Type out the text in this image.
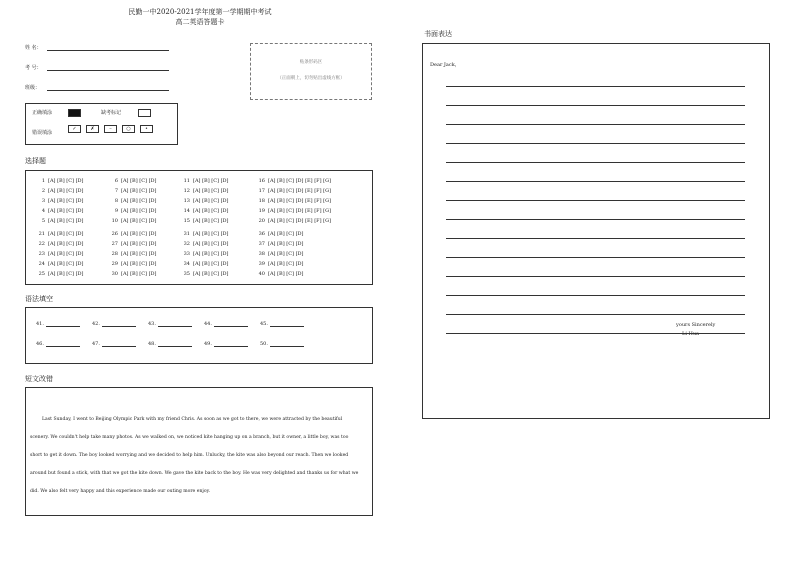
民勤一中2020-2021学年度第一学期期中考试
高二英语答题卡
姓 名：
考 号：
班级：
贴条形码区
（正面朝上，切勿贴出虚线方框）
正确填涂	缺考标记
错误填涂
✓	✗	–	○	•
选择题
1 [A] [B] [C] [D]
2 [A] [B] [C] [D]
3 [A] [B] [C] [D]
4 [A] [B] [C] [D]
5 [A] [B] [C] [D]
6 [A] [B] [C] [D]
7 [A] [B] [C] [D]
8 [A] [B] [C] [D]
9 [A] [B] [C] [D]
10 [A] [B] [C] [D]
11 [A] [B] [C] [D]
12 [A] [B] [C] [D]
13 [A] [B] [C] [D]
14 [A] [B] [C] [D]
15 [A] [B] [C] [D]
16 [A] [B] [C] [D] [E] [F] [G]
17 [A] [B] [C] [D] [E] [F] [G]
18 [A] [B] [C] [D] [E] [F] [G]
19 [A] [B] [C] [D] [E] [F] [G]
20 [A] [B] [C] [D] [E] [F] [G]
21 [A] [B] [C] [D]
22 [A] [B] [C] [D]
23 [A] [B] [C] [D]
24 [A] [B] [C] [D]
25 [A] [B] [C] [D]
26 [A] [B] [C] [D]
27 [A] [B] [C] [D]
28 [A] [B] [C] [D]
29 [A] [B] [C] [D]
30 [A] [B] [C] [D]
31 [A] [B] [C] [D]
32 [A] [B] [C] [D]
33 [A] [B] [C] [D]
34 [A] [B] [C] [D]
35 [A] [B] [C] [D]
36 [A] [B] [C] [D]
37 [A] [B] [C] [D]
38 [A] [B] [C] [D]
39 [A] [B] [C] [D]
40 [A] [B] [C] [D]
语法填空
41.	42.	43.	44.	45.
46.	47.	48.	49.	50.
短文改错

Last Sunday, I went to Beijing Olympic Park with my friend Chris. As soon as we got to there, we were attracted by the beautiful

scenery. We couldn't help take many photos. As we walked on, we noticed kite hanging up on a branch, but it owner, a little boy, was too

short to get it down. The boy looked worrying and we decided to help him. Unlucky, the kite was also beyond our reach. Then we looked

around but found a stick, with that we got the kite down. We gave the kite back to the boy. He was very delighted and thanks us for what we

did. We also felt very happy and this experience made our outing more enjoy.

书面表达
Dear Jack，
yours Sincerely
Li Hua
